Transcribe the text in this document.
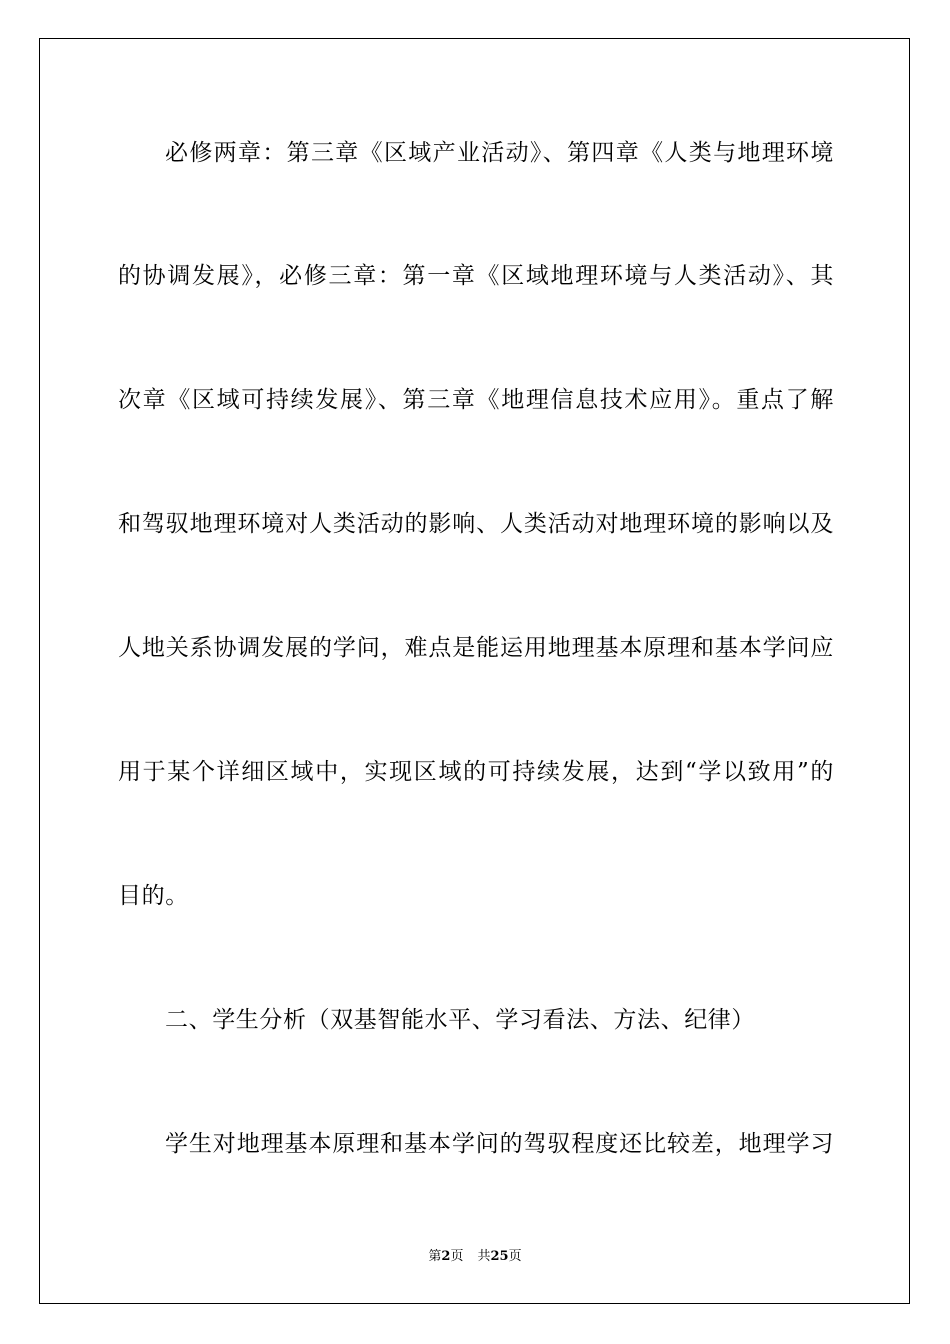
必修两章：第三章《区域产业活动》、第四章《人类与地理环境
的协调发展》，必修三章：第一章《区域地理环境与人类活动》、其
次章《区域可持续发展》、第三章《地理信息技术应用》。重点了解
和驾驭地理环境对人类活动的影响、人类活动对地理环境的影响以及
人地关系协调发展的学问，难点是能运用地理基本原理和基本学问应
用于某个详细区域中，实现区域的可持续发展，达到“学以致用”的
目的。
二、学生分析（双基智能水平、学习看法、方法、纪律）
学生对地理基本原理和基本学问的驾驭程度还比较差，地理学习
第2页 共25页
